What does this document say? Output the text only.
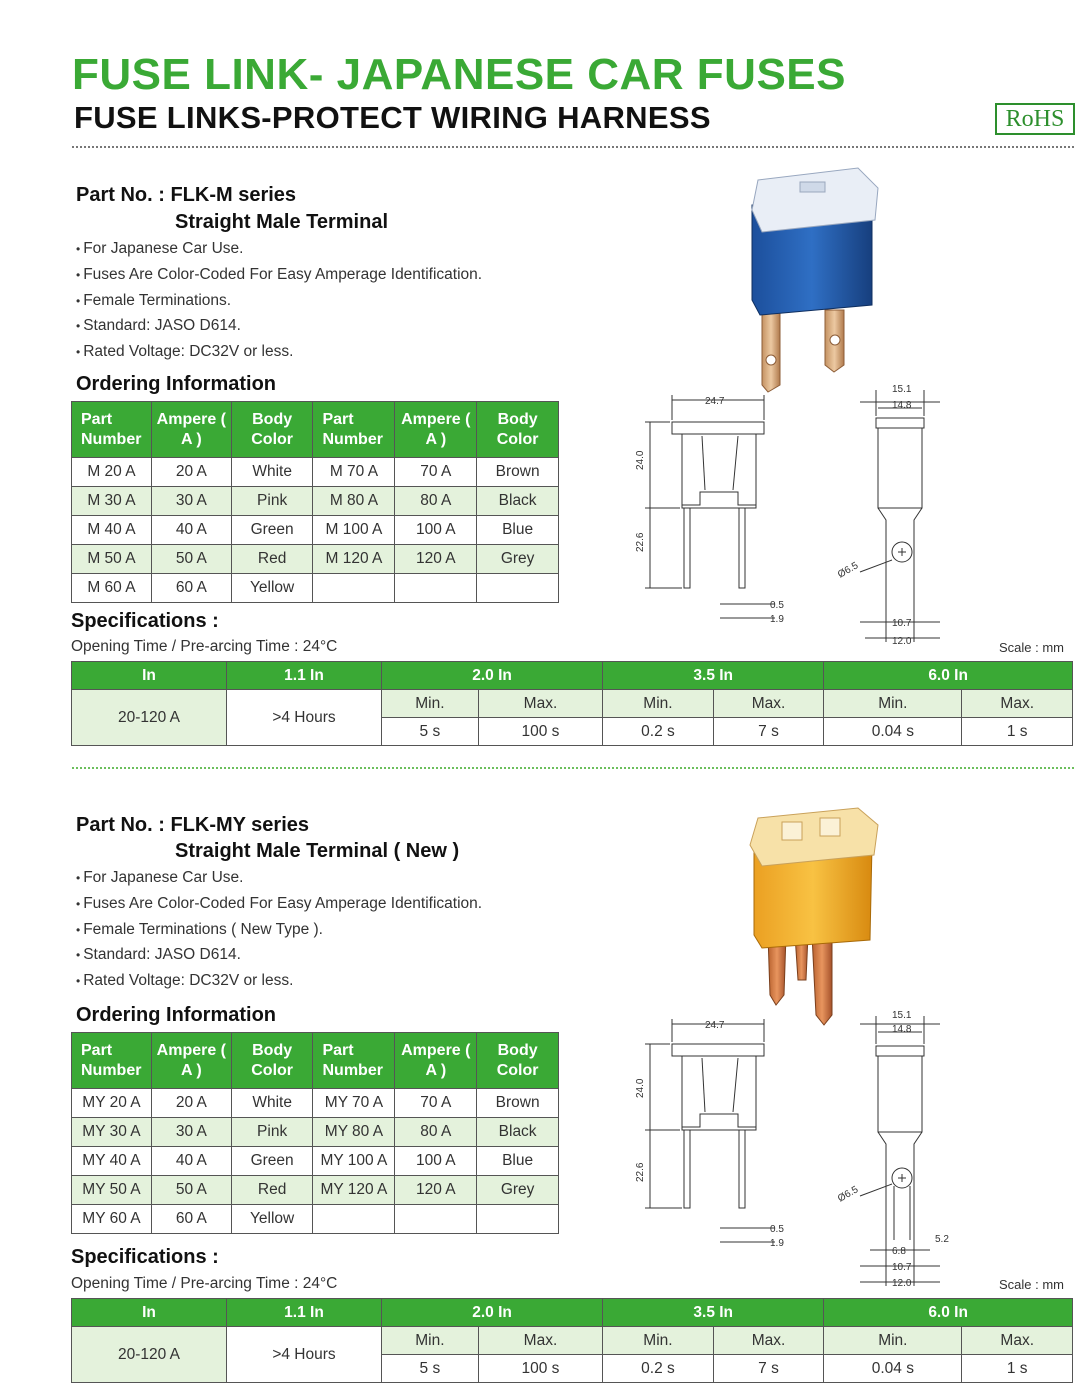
FUSE LINK- JAPANESE CAR FUSES
FUSE LINKS-PROTECT WIRING HARNESS	RoHS
Part No. : FLK-M series
Straight Male Terminal
• For Japanese Car Use.
• Fuses Are Color-Coded For Easy Amperage Identification.
• Female Terminations.
• Standard: JASO D614.
• Rated Voltage: DC32V or less.
Ordering Information
Part Number	Ampere ( A )	Body Color	Part Number	Ampere ( A )	Body Color
M 20 A	20 A	White	M 70 A	70 A	Brown
M 30 A	30 A	Pink	M 80 A	80 A	Black
M 40 A	40 A	Green	M 100 A	100 A	Blue
M 50 A	50 A	Red	M 120 A	120 A	Grey
M 60 A	60 A	Yellow			
Specifications :
Opening Time / Pre-arcing Time : 24°C	Scale : mm
In	1.1 In	2.0 In		3.5 In		6.0 In	
20-120 A	>4 Hours	Min.	Max.	Min.	Max.	Min.	Max.
		5 s	100 s	0.2 s	7 s	0.04 s	1 s
24.7
24.0
22.6
0.5
1.9
15.1
14.8
Ø6.5
10.7
12.0
Part No. : FLK-MY series
Straight Male Terminal ( New )
• For Japanese Car Use.
• Fuses Are Color-Coded For Easy Amperage Identification.
• Female Terminations ( New Type ).
• Standard: JASO D614.
• Rated Voltage: DC32V or less.
Ordering Information
Part Number	Ampere ( A )	Body Color	Part Number	Ampere ( A )	Body Color
MY 20 A	20 A	White	MY 70 A	70 A	Brown
MY 30 A	30 A	Pink	MY 80 A	80 A	Black
MY 40 A	40 A	Green	MY 100 A	100 A	Blue
MY 50 A	50 A	Red	MY 120 A	120 A	Grey
MY 60 A	60 A	Yellow			
Specifications :
Opening Time / Pre-arcing Time : 24°C	Scale : mm
In	1.1 In	2.0 In		3.5 In		6.0 In	
20-120 A	>4 Hours	Min.	Max.	Min.	Max.	Min.	Max.
		5 s	100 s	0.2 s	7 s	0.04 s	1 s
24.7
24.0
22.6
0.5
1.9
15.1
14.8
Ø6.5
5.2
6.8
10.7
12.0
